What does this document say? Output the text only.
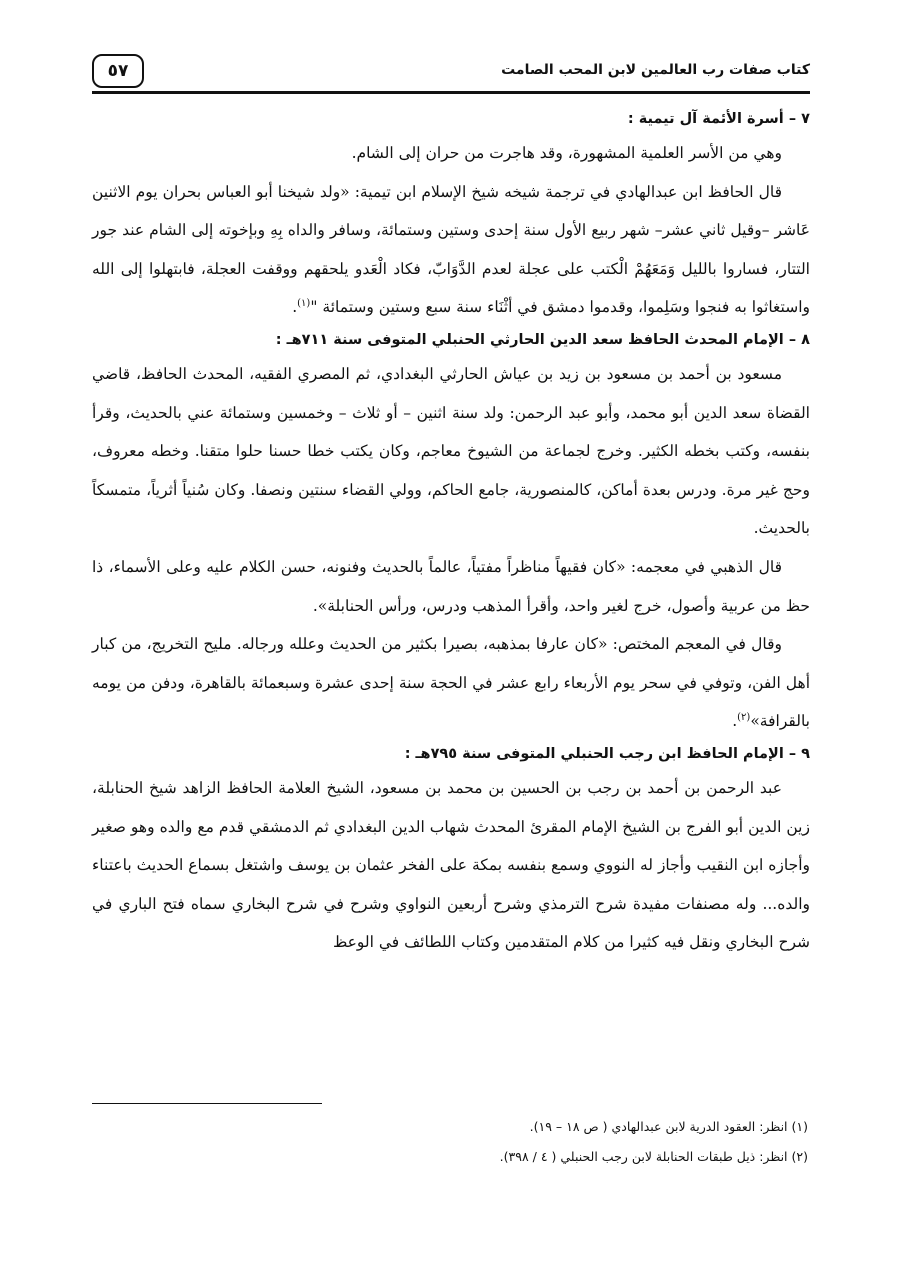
٥٧	كتاب صفات رب العالمين لابن المحب الصامت
٧ – أسرة الأئمة آل تيمية :

وهي من الأسر العلمية المشهورة، وقد هاجرت من حران إلى الشام.

قال الحافظ ابن عبدالهادي في ترجمة شيخه شيخ الإسلام ابن تيمية: «ولد شيخنا أبو العباس بحران يوم الاثنين عَاشر –وقيل ثاني عشر– شهر ربيع الأول سنة إحدى وستين وستمائة، وسافر والداه بِهِ وبإخوته إلى الشام عند جور التتار، فساروا بالليل وَمَعَهُمْ الْكتب على عجلة لعدم الدَّوَابّ، فكاد الْعَدو يلحقهم ووقفت العجلة، فابتهلوا إلى الله واستغاثوا به فنجوا وسَلِموا، وقدموا دمشق في أثْنَاء سنة سبع وستين وستمائة "$^{(١)}$.

٨ – الإمام المحدث الحافظ سعد الدين الحارثي الحنبلي المتوفى سنة ٧١١هـ :

مسعود بن أحمد بن مسعود بن زيد بن عياش الحارثي البغدادي، ثم المصري الفقيه، المحدث الحافظ، قاضي القضاة سعد الدين أبو محمد، وأبو عبد الرحمن: ولد سنة اثنين – أو ثلاث – وخمسين وستمائة عني بالحديث، وقرأ بنفسه، وكتب بخطه الكثير. وخرج لجماعة من الشيوخ معاجم، وكان يكتب خطا حسنا حلوا متقنا. وخطه معروف، وحج غير مرة. ودرس بعدة أماكن، كالمنصورية، جامع الحاكم، وولي القضاء سنتين ونصفا. وكان سُنياً أثرياً، متمسكاً بالحديث.

قال الذهبي في معجمه: «كان فقيهاً مناظراً مفتياً، عالماً بالحديث وفنونه، حسن الكلام عليه وعلى الأسماء، ذا حظ من عربية وأصول، خرج لغير واحد، وأقرأ المذهب ودرس، ورأس الحنابلة».

وقال في المعجم المختص: «كان عارفا بمذهبه، بصيرا بكثير من الحديث وعلله ورجاله. مليح التخريج، من كبار أهل الفن، وتوفي في سحر يوم الأربعاء رابع عشر في الحجة سنة إحدى عشرة وسبعمائة بالقاهرة، ودفن من يومه بالقرافة»$^{(٢)}$.

٩ – الإمام الحافظ ابن رجب الحنبلي المتوفى سنة ٧٩٥هـ :

عبد الرحمن بن أحمد بن رجب بن الحسين بن محمد بن مسعود، الشيخ العلامة الحافظ الزاهد شيخ الحنابلة، زين الدين أبو الفرج بن الشيخ الإمام المقرئ المحدث شهاب الدين البغدادي ثم الدمشقي قدم مع والده وهو صغير وأجازه ابن النقيب وأجاز له النووي وسمع بنفسه بمكة على الفخر عثمان بن يوسف واشتغل بسماع الحديث باعتناء والده... وله مصنفات مفيدة شرح الترمذي وشرح أربعين النواوي وشرح في شرح البخاري سماه فتح الباري في شرح البخاري ونقل فيه كثيرا من كلام المتقدمين وكتاب اللطائف في الوعظ

(١) انظر: العقود الدرية لابن عبدالهادي ( ص ١٨ – ١٩).

(٢) انظر: ذيل طبقات الحنابلة لابن رجب الحنبلي ( ٤ / ٣٩٨).
